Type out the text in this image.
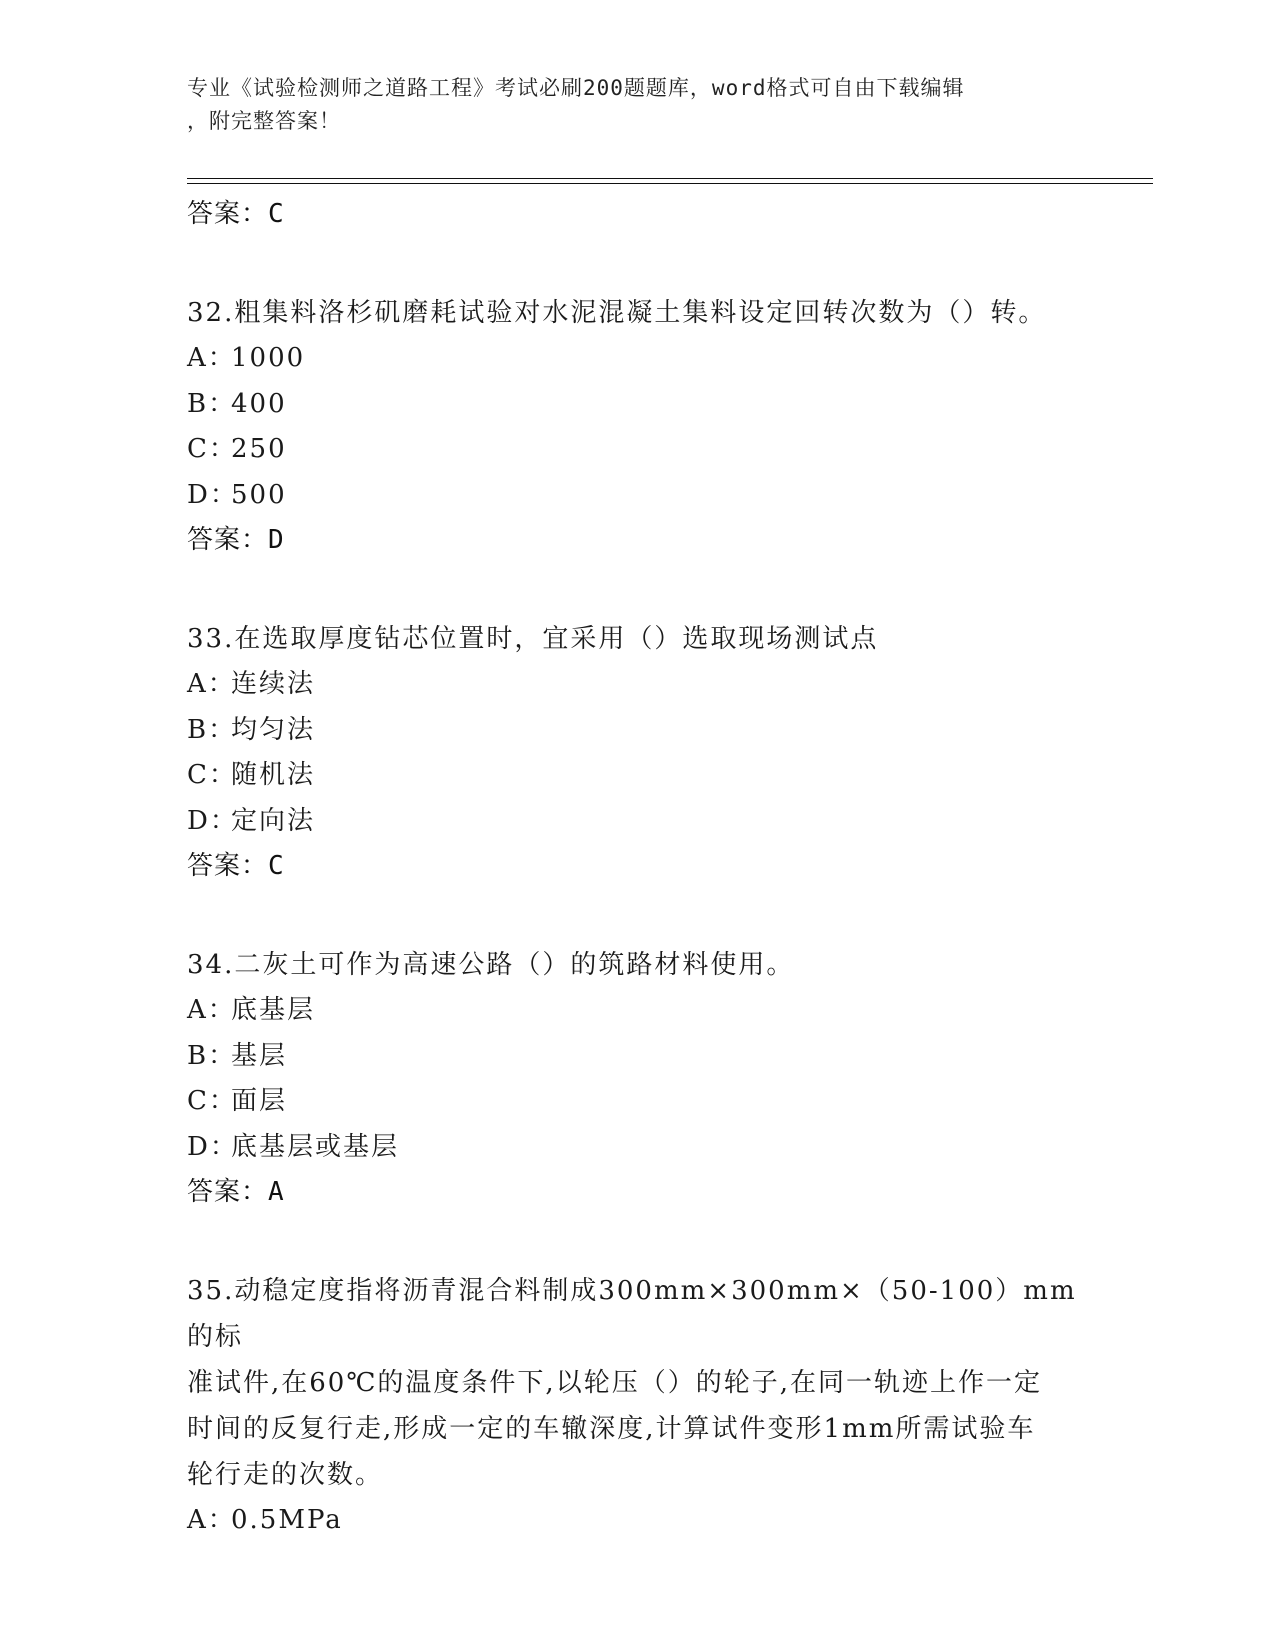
专业《试验检测师之道路工程》考试必刷200题题库，word格式可自由下载编辑
，附完整答案！
答案：C
32.粗集料洛杉矶磨耗试验对水泥混凝土集料设定回转次数为（）转。
A：1000
B：400
C：250
D：500
答案：D
33.在选取厚度钻芯位置时，宜采用（）选取现场测试点
A：连续法
B：均匀法
C：随机法
D：定向法
答案：C
34.二灰土可作为高速公路（）的筑路材料使用。
A：底基层
B：基层
C：面层
D：底基层或基层
答案：A
35.动稳定度指将沥青混合料制成300mm×300mm×（50-100）mm的标
准试件,在60℃的温度条件下,以轮压（）的轮子,在同一轨迹上作一定
时间的反复行走,形成一定的车辙深度,计算试件变形1mm所需试验车
轮行走的次数。
A：0.5MPa
